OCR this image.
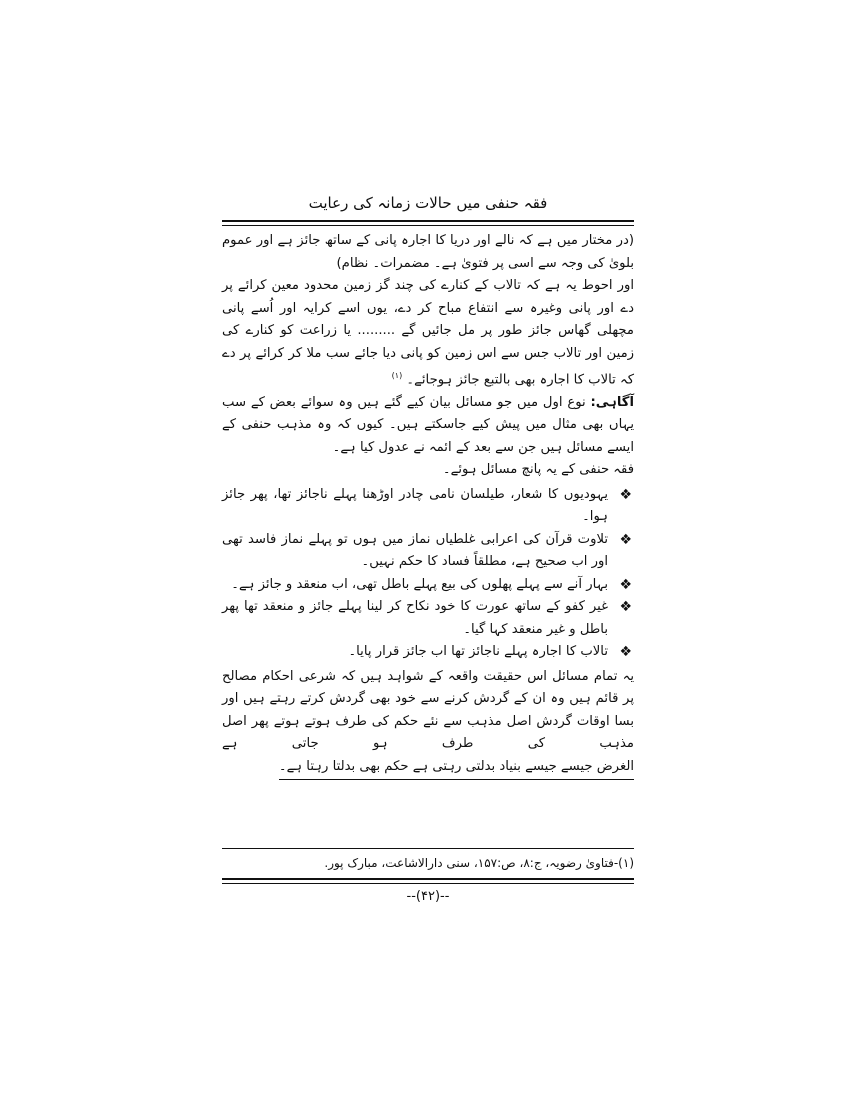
فقہ حنفی میں حالات زمانہ کی رعایت

(در مختار میں ہے کہ نالے اور دریا کا اجارہ پانی کے ساتھ جائز ہے اور عموم بلویٰ کی وجہ سے اسی پر فتویٰ ہے۔ مضمرات۔ نظام)

اور احوط یہ ہے کہ تالاب کے کنارے کی چند گز زمین محدود معین کرائے پر دے اور پانی وغیرہ سے انتفاع مباح کر دے، یوں اسے کرایہ اور اُسے پانی مچھلی گھاس جائز طور پر مل جائیں گے ......... یا زراعت کو کنارے کی زمین اور تالاب جس سے اس زمین کو پانی دیا جائے سب ملا کر کرائے پر دے کہ تالاب کا اجارہ بھی بالتبع جائز ہوجائے۔ $^{(۱)}$

آگاہی: نوع اول میں جو مسائل بیان کیے گئے ہیں وہ سوائے بعض کے سب یہاں بھی مثال میں پیش کیے جاسکتے ہیں۔ کیوں کہ وہ مذہب حنفی کے ایسے مسائل ہیں جن سے بعد کے ائمہ نے عدول کیا ہے۔

فقہ حنفی کے یہ پانچ مسائل ہوئے۔

❖
یہودیوں کا شعار، طیلسان نامی چادر اوڑھنا پہلے ناجائز تھا، پھر جائز ہوا۔
❖
تلاوت قرآن کی اعرابی غلطیاں نماز میں ہوں تو پہلے نماز فاسد تھی اور اب صحیح ہے، مطلقاً فساد کا حکم نہیں۔
❖
بہار آنے سے پہلے پھلوں کی بیع پہلے باطل تھی، اب منعقد و جائز ہے۔
❖
غیر کفو کے ساتھ عورت کا خود نکاح کر لینا پہلے جائز و منعقد تھا پھر باطل و غیر منعقد کہا گیا۔
❖
تالاب کا اجارہ پہلے ناجائز تھا اب جائز قرار پایا۔

یہ تمام مسائل اس حقیقت واقعہ کے شواہد ہیں کہ شرعی احکام مصالح پر قائم ہیں وہ ان کے گردش کرنے سے خود بھی گردش کرتے رہتے ہیں اور بسا اوقات گردش اصل مذہب سے نئے حکم کی طرف ہوتے ہوتے پھر اصل مذہب کی طرف ہو جاتی ہے الغرض جیسے جیسے بنیاد بدلتی رہتی ہے حکم بھی بدلتا رہتا ہے۔

(۱)-فتاویٰ رضویہ، ج:۸، ص:۱۵۷، سنی دارالاشاعت، مبارک پور.
--(۴۲)--
